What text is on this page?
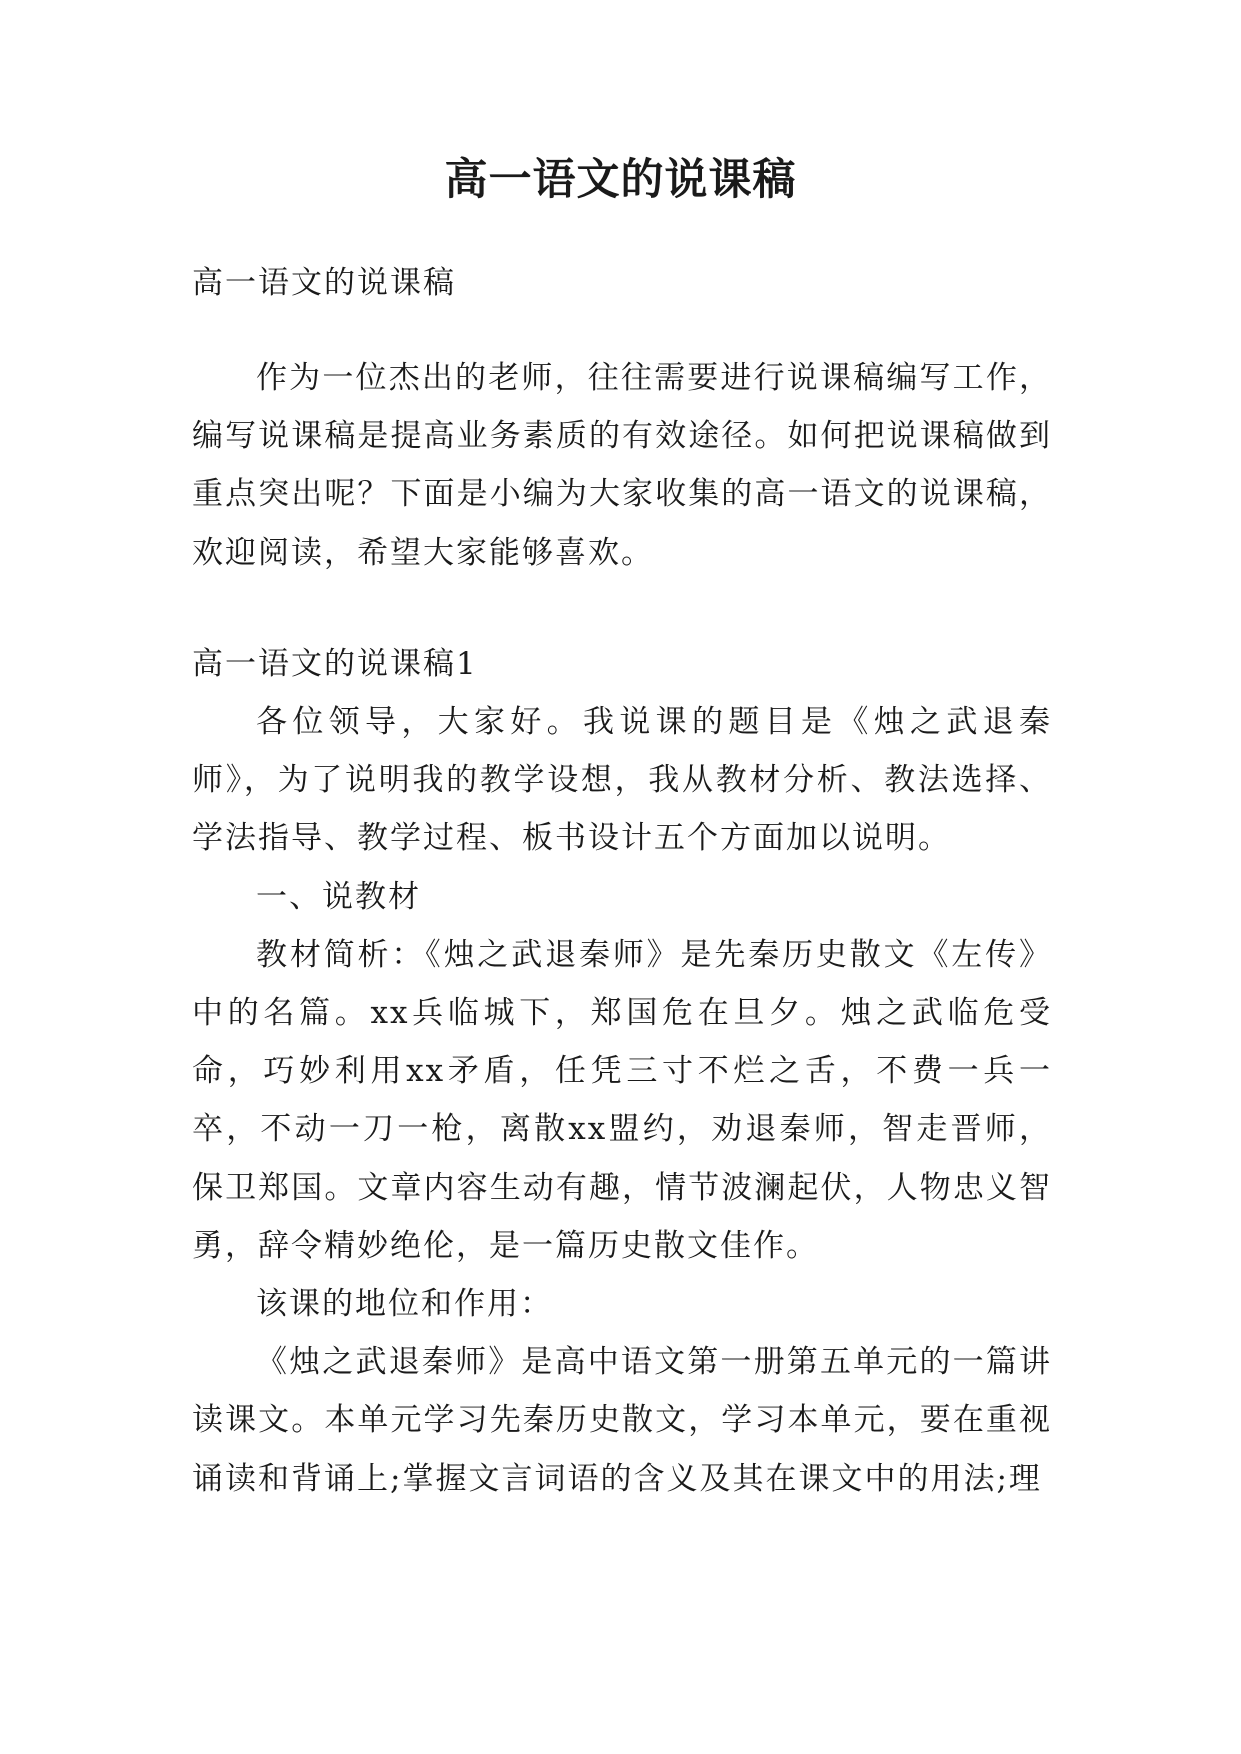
高一语文的说课稿

高一语文的说课稿

作为一位杰出的老师，往往需要进行说课稿编写工作，编写说课稿是提高业务素质的有效途径。如何把说课稿做到重点突出呢？下面是小编为大家收集的高一语文的说课稿，欢迎阅读，希望大家能够喜欢。

高一语文的说课稿1

各位领导，大家好。我说课的题目是《烛之武退秦师》，为了说明我的教学设想，我从教材分析、教法选择、学法指导、教学过程、板书设计五个方面加以说明。

一、说教材

教材简析：《烛之武退秦师》是先秦历史散文《左传》中的名篇。xx兵临城下，郑国危在旦夕。烛之武临危受命，巧妙利用xx矛盾，任凭三寸不烂之舌，不费一兵一卒，不动一刀一枪，离散xx盟约，劝退秦师，智走晋师，保卫郑国。文章内容生动有趣，情节波澜起伏，人物忠义智勇，辞令精妙绝伦，是一篇历史散文佳作。

该课的地位和作用：

《烛之武退秦师》是高中语文第一册第五单元的一篇讲读课文。本单元学习先秦历史散文，学习本单元，要在重视诵读和背诵上;掌握文言词语的含义及其在课文中的用法;理
